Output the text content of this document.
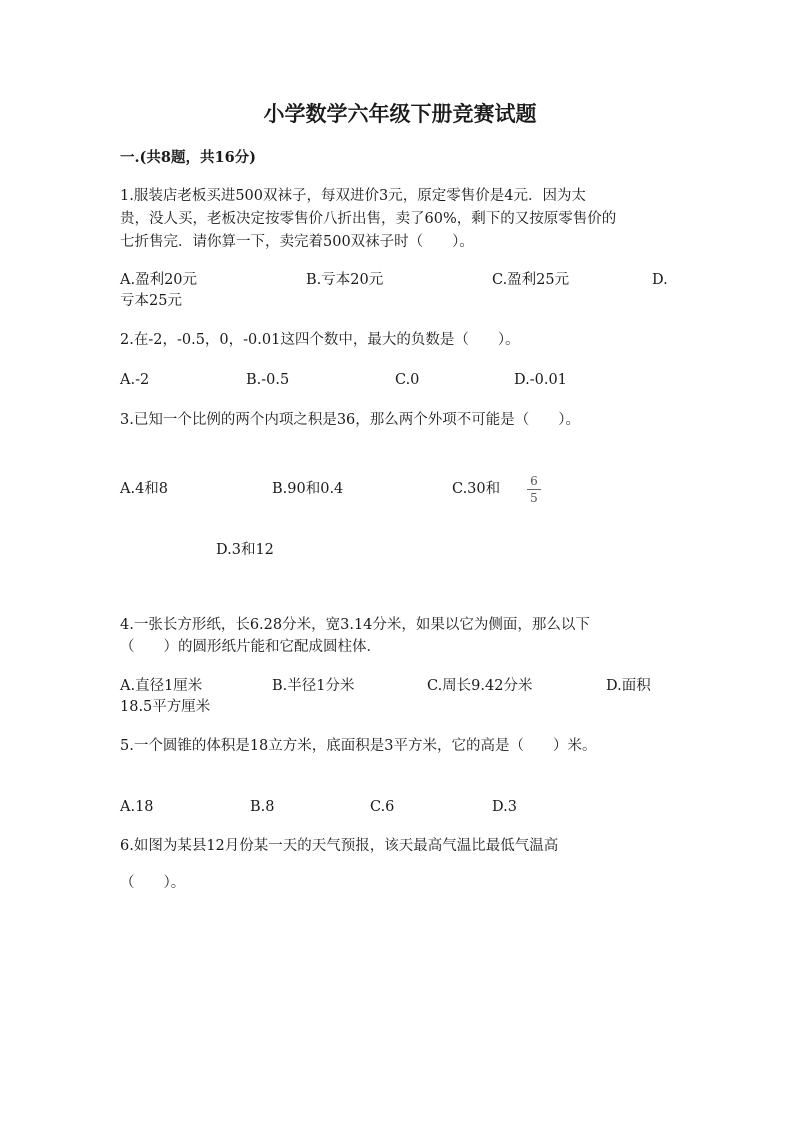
小学数学六年级下册竞赛试题
一.(共8题，共16分)
1.服装店老板买进500双袜子，每双进价3元，原定零售价是4元．因为太
贵，没人买，老板决定按零售价八折出售，卖了60%，剩下的又按原零售价的
七折售完．请你算一下，卖完着500双袜子时（　　）。
A.盈利20元	B.亏本20元	C.盈利25元	D.
亏本25元
2.在-2，-0.5，0，-0.01这四个数中，最大的负数是（　　）。
A.-2	B.-0.5	C.0	D.-0.01
3.已知一个比例的两个内项之积是36，那么两个外项不可能是（　　）。
A.4和8	B.90和0.4	C.30和	6
5
D.3和12
4.一张长方形纸，长6.28分米，宽3.14分米，如果以它为侧面，那么以下
（　　）的圆形纸片能和它配成圆柱体．
A.直径1厘米	B.半径1分米	C.周长9.42分米	D.面积
18.5平方厘米
5.一个圆锥的体积是18立方米，底面积是3平方米，它的高是（　　）米。
A.18	B.8	C.6	D.3
6.如图为某县12月份某一天的天气预报，该天最高气温比最低气温高
（　　）。
